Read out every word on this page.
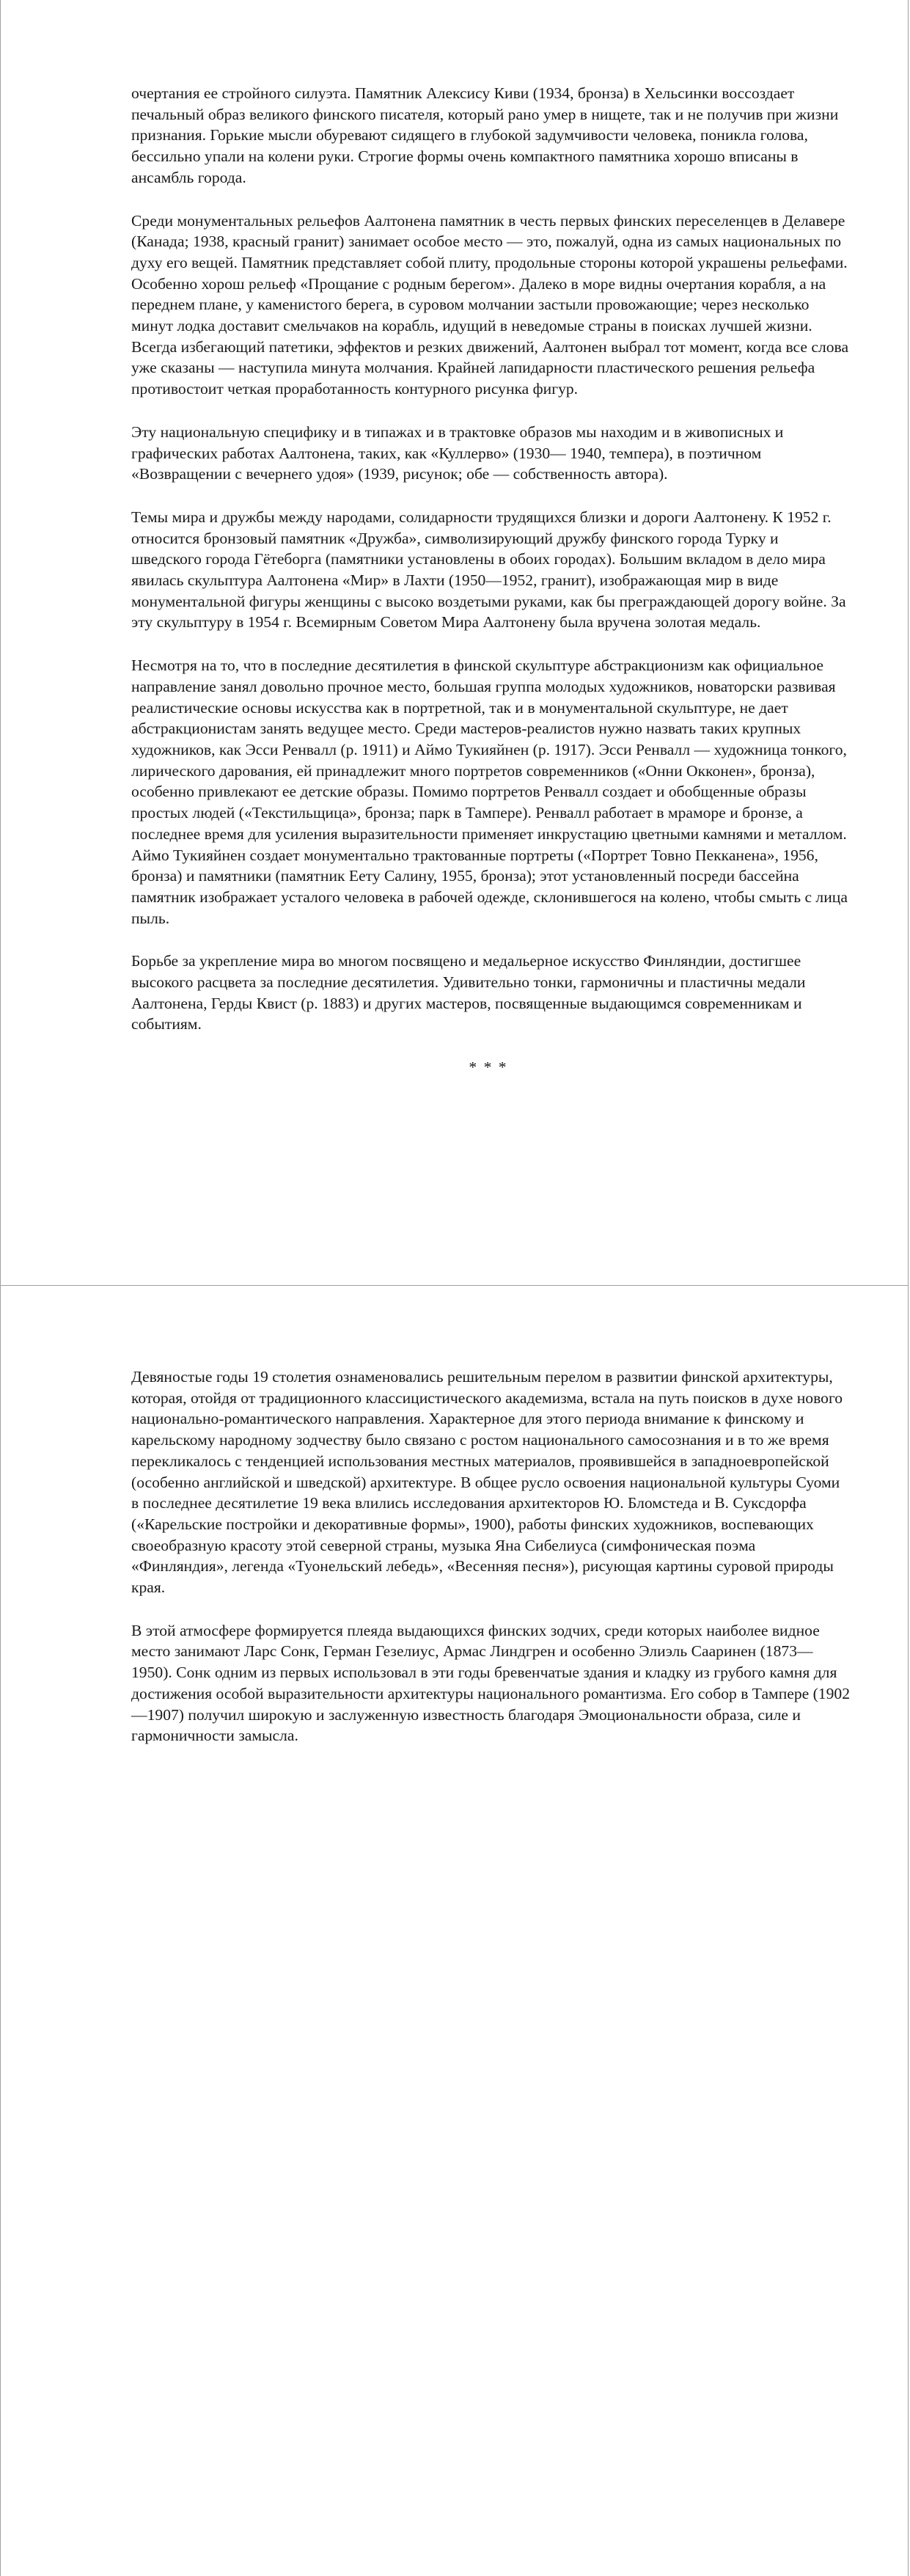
очертания ее стройного силуэта. Памятник Алексису Киви (1934, бронза) в Хельсинки воссоздает печальный образ великого финского писателя, который рано умер в нищете, так и не получив при жизни признания. Горькие мысли обуревают сидящего в глубокой задумчивости человека, поникла голова, бессильно упали на колени руки. Строгие формы очень компактного памятника хорошо вписаны в ансамбль города.

Среди монументальных рельефов Аалтонена памятник в честь первых финских переселенцев в Делавере (Канада; 1938, красный гранит) занимает особое место — это, пожалуй, одна из самых национальных по духу его вещей. Памятник представляет собой плиту, продольные стороны которой украшены рельефами. Особенно хорош рельеф «Прощание с родным берегом». Далеко в море видны очертания корабля, а на переднем плане, у каменистого берега, в суровом молчании застыли провожающие; через несколько минут лодка доставит смельчаков на корабль, идущий в неведомые страны в поисках лучшей жизни. Всегда избегающий патетики, эффектов и резких движений, Аалтонен выбрал тот момент, когда все слова уже сказаны — наступила минута молчания. Крайней лапидарности пластического решения рельефа противостоит четкая проработанность контурного рисунка фигур.

Эту национальную специфику и в типажах и в трактовке образов мы находим и в живописных и графических работах Аалтонена, таких, как «Куллерво» (1930— 1940, темпера), в поэтичном «Возвращении с вечернего удоя» (1939, рисунок; обе — собственность автора).

Темы мира и дружбы между народами, солидарности трудящихся близки и дороги Аалтонену. К 1952 г. относится бронзовый памятник «Дружба», символизирующий дружбу финского города Турку и шведского города Гётеборга (памятники установлены в обоих городах). Большим вкладом в дело мира явилась скульптура Аалтонена «Мир» в Лахти (1950—1952, гранит), изображающая мир в виде монументальной фигуры женщины с высоко воздетыми руками, как бы преграждающей дорогу войне. За эту скульптуру в 1954 г. Всемирным Советом Мира Аалтонену была вручена золотая медаль.

Несмотря на то, что в последние десятилетия в финской скульптуре абстракционизм как официальное направление занял довольно прочное место, большая группа молодых художников, новаторски развивая реалистические основы искусства как в портретной, так и в монументальной скульптуре, не дает абстракционистам занять ведущее место. Среди мастеров-реалистов нужно назвать таких крупных художников, как Эсси Ренвалл (р. 1911) и Аймо Тукияйнен (р. 1917). Эсси Ренвалл — художница тонкого, лирического дарования, ей принадлежит много портретов современников («Онни Окконен», бронза), особенно привлекают ее детские образы. Помимо портретов Ренвалл создает и обобщенные образы простых людей («Текстильщица», бронза; парк в Тампере). Ренвалл работает в мраморе и бронзе, а последнее время для усиления выразительности применяет инкрустацию цветными камнями и металлом. Аймо Тукияйнен создает монументально трактованные портреты («Портрет Товно Пекканена», 1956, бронза) и памятники (памятник Еету Салину, 1955, бронза); этот установленный посреди бассейна памятник изображает усталого человека в рабочей одежде, склонившегося на колено, чтобы смыть с лица пыль.

Борьбе за укрепление мира во многом посвящено и медальерное искусство Финляндии, достигшее высокого расцвета за последние десятилетия. Удивительно тонки, гармоничны и пластичны медали Аалтонена, Герды Квист (р. 1883) и других мастеров, посвященные выдающимся современникам и событиям.

* * *

Девяностые годы 19 столетия ознаменовались решительным перелом в развитии финской архитектуры, которая, отойдя от традиционного классицистического академизма, встала на путь поисков в духе нового национально-романтического направления. Характерное для этого периода внимание к финскому и карельскому народному зодчеству было связано с ростом национального самосознания и в то же время перекликалось с тенденцией использования местных материалов, проявившейся в западноевропейской (особенно английской и шведской) архитектуре. В общее русло освоения национальной культуры Суоми в последнее десятилетие 19 века влились исследования архитекторов Ю. Бломстеда и В. Суксдорфа («Карельские постройки и декоративные формы», 1900), работы финских художников, воспевающих своеобразную красоту этой северной страны, музыка Яна Сибелиуса (симфоническая поэма «Финляндия», легенда «Туонельский лебедь», «Весенняя песня»), рисующая картины суровой природы края.

В этой атмосфере формируется плеяда выдающихся финских зодчих, среди которых наиболее видное место занимают Ларс Сонк, Герман Гезелиус, Армас Линдгрен и особенно Элиэль Сааринен (1873—1950). Сонк одним из первых использовал в эти годы бревенчатые здания и кладку из грубого камня для достижения особой выразительности архитектуры национального романтизма. Его собор в Тампере (1902—1907) получил широкую и заслуженную известность благодаря Эмоциональности образа, силе и гармоничности замысла.
